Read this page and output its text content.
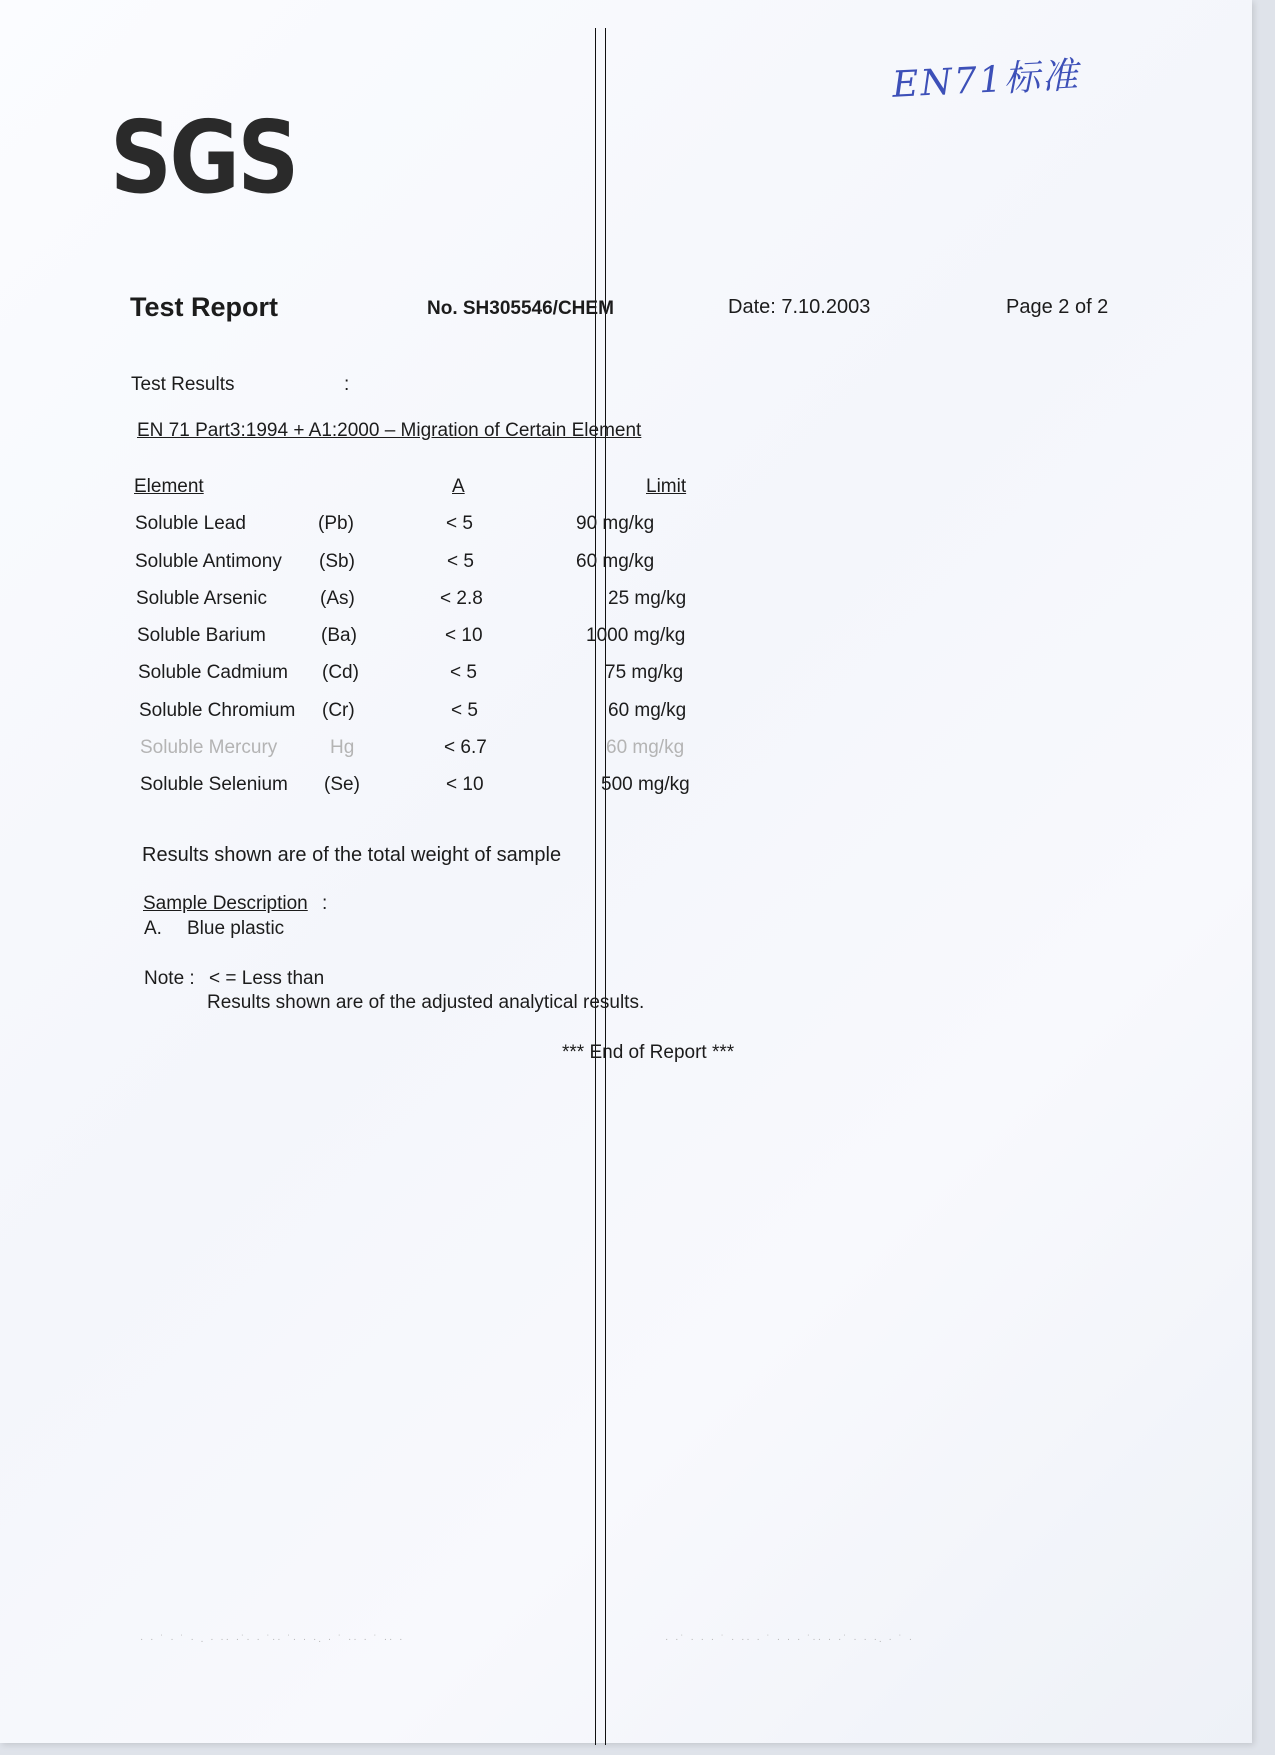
SGS
EN71标准
Test Report	No. SH305546/CHEM	Date: 7.10.2003	Page 2 of 2
Test Results	:
EN 71 Part3:1994 + A1:2000 – Migration of Certain Element
Element	A	Limit
Soluble Lead	(Pb)	< 5	90 mg/kg
Soluble Antimony (Sb)	< 5	60 mg/kg
Soluble Arsenic	(As)	< 2.8	25 mg/kg
Soluble Barium	(Ba)	< 10	1000 mg/kg
Soluble Cadmium (Cd)	< 5	75 mg/kg
Soluble Chromium (Cr)	< 5	60 mg/kg
Soluble Mercury	Hg	< 6.7	60 mg/kg
Soluble Selenium (Se)	< 10	500 mg/kg
Results shown are of the total weight of sample
Sample Description :
A. Blue plastic
Note : < = Less than
Results shown are of the adjusted analytical results.
*** End of Report ***
· · ˙ · ˙ · . · ·· ·˙· · ˙·· ˙· · ·. · ˙ ·· · ˙ ·· ·	· ·˙ · · · ˙ · ·· · ˙ · · · ˙·· · ·˙ · · ·. · ˙ ·
